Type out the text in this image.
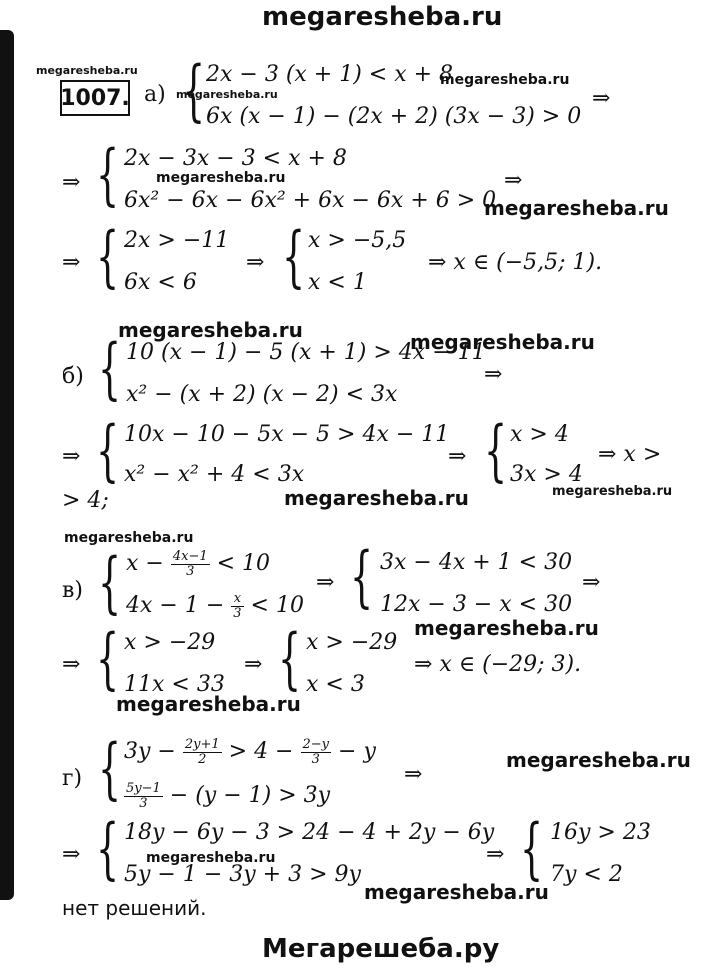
megaresheba.ru
Мегарешеба.ру
megaresheba.ru
megaresheba.ru
megaresheba.ru
megaresheba.ru
megaresheba.ru
megaresheba.ru	megaresheba.ru
megaresheba.ru	megaresheba.ru
megaresheba.ru
megaresheba.ru
megaresheba.ru
megaresheba.ru
megaresheba.ru
megaresheba.ru
1007. а) { 2x − 3 (x + 1) < x + 8
6x (x − 1) − (2x + 2) (3x − 3) > 0
⇒
⇒ { 2x − 3x − 3 < x + 8
6x² − 6x − 6x² + 6x − 6x + 6 > 0
⇒
⇒ { 2x > −11
6x < 6
⇒ { x > −5,5
x < 1
⇒ x ∈ (−5,5; 1).
б) { 10 (x − 1) − 5 (x + 1) > 4x − 11
x² − (x + 2) (x − 2) < 3x
⇒
⇒ { 10x − 10 − 5x − 5 > 4x − 11
x² − x² + 4 < 3x
⇒ { x > 4
3x > 4
⇒ x >
> 4;
в) { $x - \frac{4x-1}{3} < 10$
$4x - 1 - \frac{x}{3} < 10$
⇒ { 3x − 4x + 1 < 30
12x − 3 − x < 30
⇒
⇒ { x > −29
11x < 33
⇒ { x > −29
x < 3
⇒ x ∈ (−29; 3).
г) { $3y - \frac{2y+1}{2} > 4 - \frac{2-y}{3} - y$
$\frac{5y-1}{3} - (y - 1) > 3y$
⇒
⇒ { 18y − 6y − 3 > 24 − 4 + 2y − 6y
5y − 1 − 3y + 3 > 9y
⇒ { 16y > 23
7y < 2
нет решений.
